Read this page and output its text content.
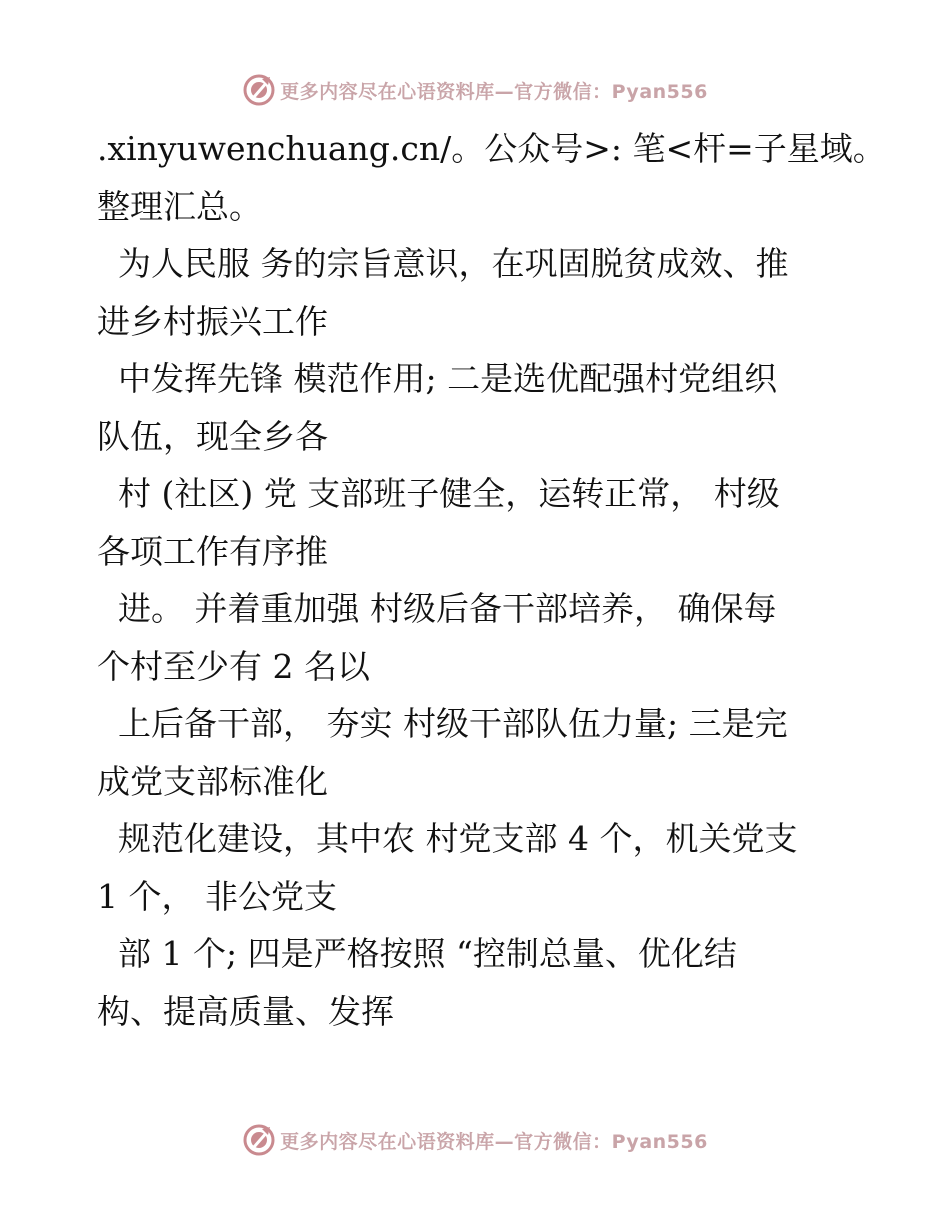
更多内容尽在心语资料库—官方微信：Pyan556
.xinyuwenchuang.cn/。公众号>: 笔<杆=子星域。
整理汇总。
为人民服 务的宗旨意识，在巩固脱贫成效、推
进乡村振兴工作
中发挥先锋 模范作用; 二是选优配强村党组织
队伍，现全乡各
村 (社区) 党 支部班子健全，运转正常， 村级
各项工作有序推
进。 并着重加强 村级后备干部培养， 确保每
个村至少有 2 名以
上后备干部， 夯实 村级干部队伍力量; 三是完
成党支部标准化
规范化建设，其中农 村党支部 4 个，机关党支
1 个， 非公党支
部 1 个; 四是严格按照 “控制总量、优化结
构、提高质量、发挥
更多内容尽在心语资料库—官方微信：Pyan556
